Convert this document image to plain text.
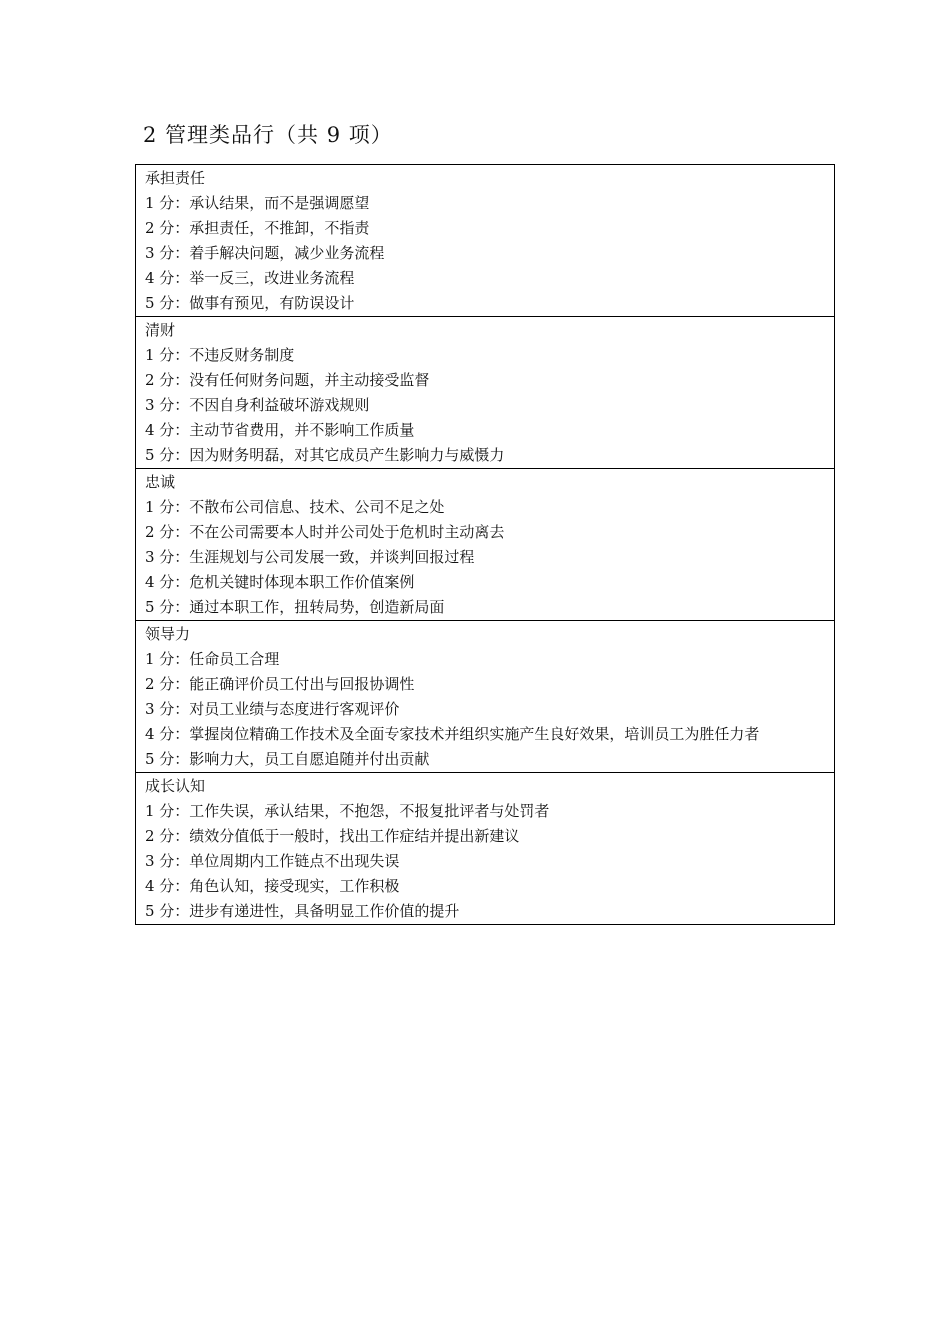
2 管理类品行（共 9 项）
承担责任
1 分：承认结果，而不是强调愿望
2 分：承担责任，不推卸，不指责
3 分：着手解决问题，减少业务流程
4 分：举一反三，改进业务流程
5 分：做事有预见，有防误设计
清财
1 分：不违反财务制度
2 分：没有任何财务问题，并主动接受监督
3 分：不因自身利益破坏游戏规则
4 分：主动节省费用，并不影响工作质量
5 分：因为财务明磊，对其它成员产生影响力与威慑力
忠诚
1 分：不散布公司信息、技术、公司不足之处
2 分：不在公司需要本人时并公司处于危机时主动离去
3 分：生涯规划与公司发展一致，并谈判回报过程
4 分：危机关键时体现本职工作价值案例
5 分：通过本职工作，扭转局势，创造新局面
领导力
1 分：任命员工合理
2 分：能正确评价员工付出与回报协调性
3 分：对员工业绩与态度进行客观评价
4 分：掌握岗位精确工作技术及全面专家技术并组织实施产生良好效果，培训员工为胜任力者
5 分：影响力大，员工自愿追随并付出贡献
成长认知
1 分：工作失误，承认结果，不抱怨，不报复批评者与处罚者
2 分：绩效分值低于一般时，找出工作症结并提出新建议
3 分：单位周期内工作链点不出现失误
4 分：角色认知，接受现实，工作积极
5 分：进步有递进性，具备明显工作价值的提升
